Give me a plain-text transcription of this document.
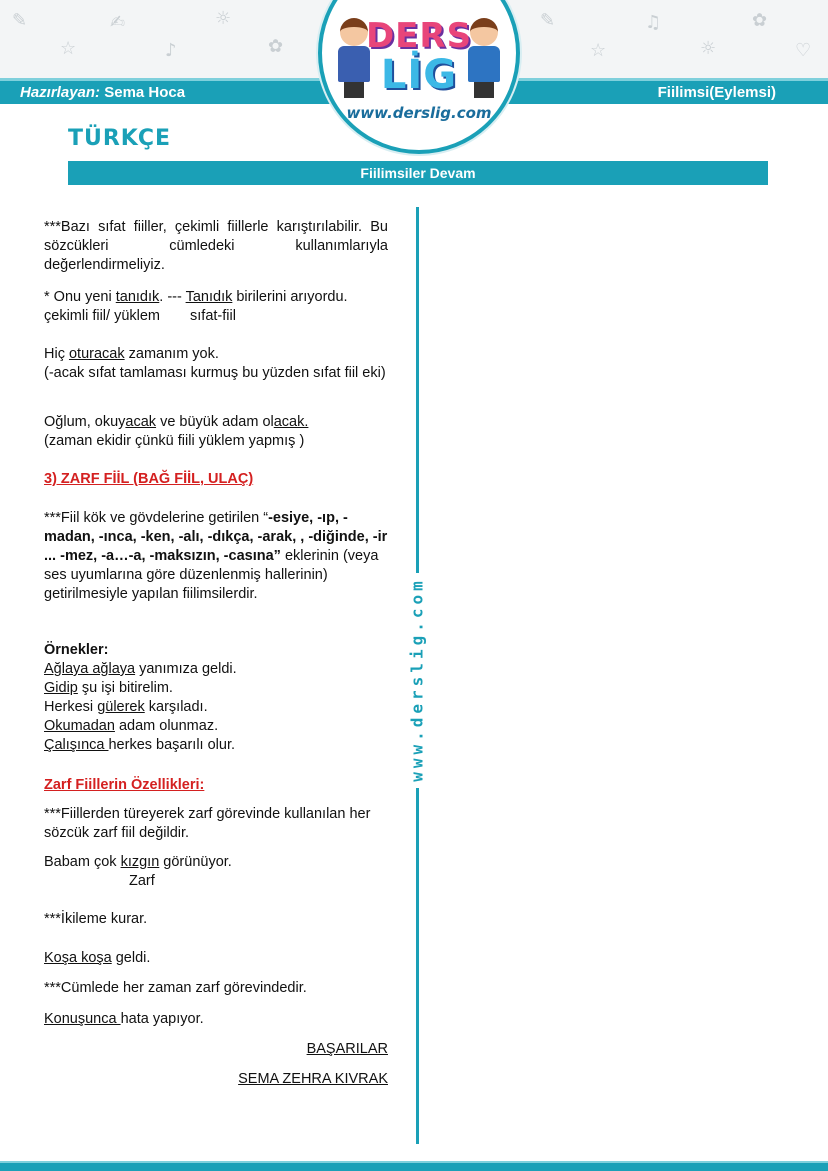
✎
☆
✍
♪
☼
✿
✎
☆
♫
☼
✿
♡
Hazırlayan: Sema Hoca	Fiilimsi(Eylemsi)
DERS
LİG
www.derslig.com
TÜRKÇE
Fiilimsiler Devam
www.derslig.com
***Bazı sıfat fiiller, çekimli fiillerle karıştırılabilir. Bu sözcükleri cümledeki kullanımlarıyla değerlendirmeliyiz.
* Onu yeni tanıdık. --- Tanıdık birilerini arıyordu.
çekimli fiil/ yüklem sıfat-fiil
Hiç oturacak zamanım yok.
(-acak sıfat tamlaması kurmuş bu yüzden sıfat fiil eki)
Oğlum, okuyacak ve büyük adam olacak.
(zaman ekidir çünkü fiili yüklem yapmış )
3) ZARF FİİL (BAĞ FİİL, ULAÇ)
***Fiil kök ve gövdelerine getirilen “-esiye, -ıp, -madan, -ınca, -ken, -alı, -dıkça, -arak, , -diğinde, -ir ... -mez, -a…-a, -maksızın, -casına” eklerinin (veya ses uyumlarına göre düzenlenmiş hallerinin) getirilmesiyle yapılan fiilimsilerdir.
Örnekler:
Ağlaya ağlaya yanımıza geldi.
Gidip şu işi bitirelim.
Herkesi gülerek karşıladı.
Okumadan adam olunmaz.
Çalışınca herkes başarılı olur.
Zarf Fiillerin Özellikleri:
***Fiillerden türeyerek zarf görevinde kullanılan her sözcük zarf fiil değildir.
Babam çok kızgın görünüyor.
Zarf
***İkileme kurar.
Koşa koşa geldi.
***Cümlede her zaman zarf görevindedir.
Konuşunca hata yapıyor.
BAŞARILAR
SEMA ZEHRA KIVRAK
